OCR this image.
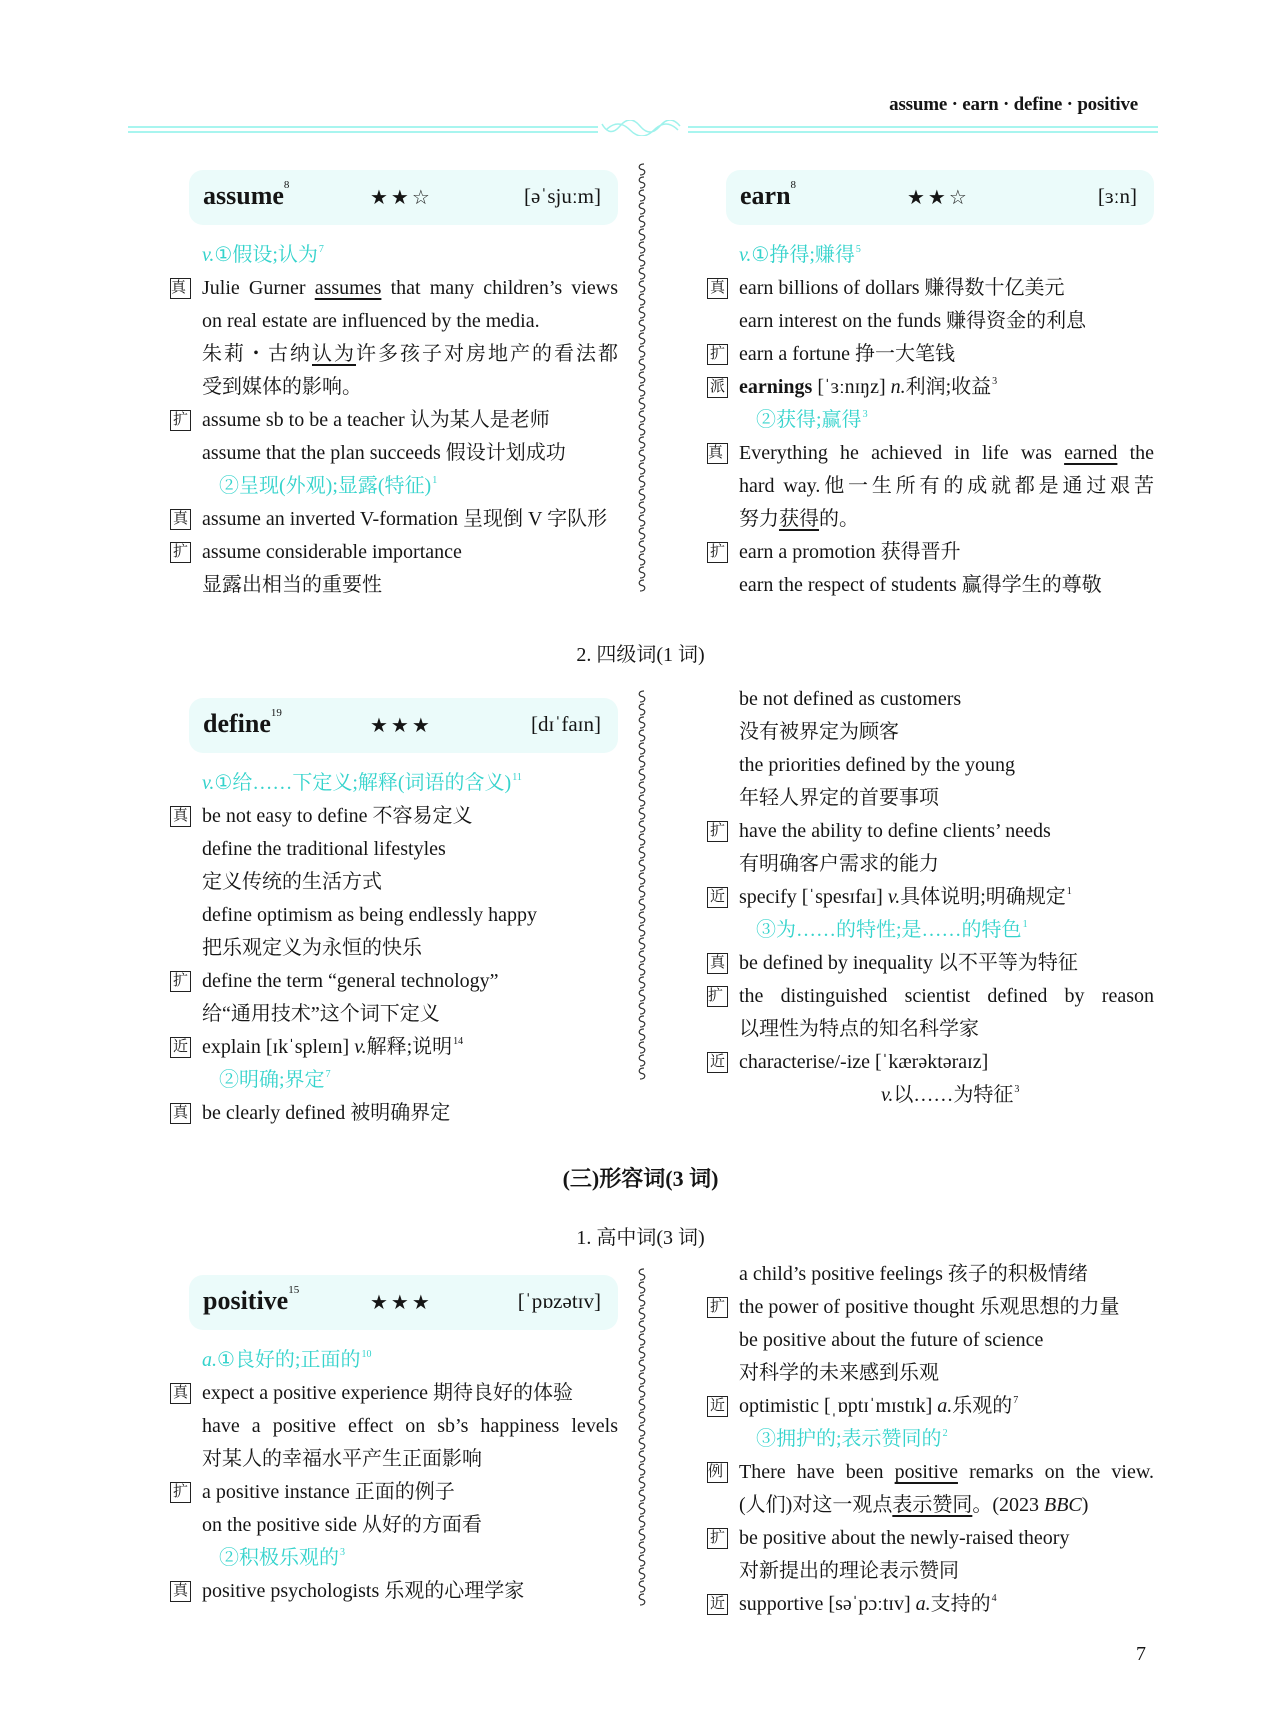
assume · earn · define · positive
assume$^8$
★★☆	[əˈsjuːm]
v.①假设;认为$^7$
真 Julie Gurner assumes that many children’s views
on real estate are influenced by the media.
朱莉・古纳认为许多孩子对房地产的看法都
受到媒体的影响。
扩 assume sb to be a teacher 认为某人是老师
assume that the plan succeeds 假设计划成功
②呈现(外观);显露(特征)$^1$
真 assume an inverted V-formation 呈现倒 V 字队形
扩 assume considerable importance
显露出相当的重要性
earn$^8$
★★☆	[ɜːn]
v.①挣得;赚得$^5$
真 earn billions of dollars 赚得数十亿美元
earn interest on the funds 赚得资金的利息
扩 earn a fortune 挣一大笔钱
派 earnings [ˈɜːnɪŋz] n.利润;收益$^3$
②获得;赢得$^3$
真 Everything he achieved in life was earned the
hard way.他一生所有的成就都是通过艰苦
努力获得的。
扩 earn a promotion 获得晋升
earn the respect of students 赢得学生的尊敬
2. 四级词(1 词)
define$^{19}$
★★★	[dɪˈfaɪn]
v.①给……下定义;解释(词语的含义)$^{11}$
真 be not easy to define 不容易定义
define the traditional lifestyles
定义传统的生活方式
define optimism as being endlessly happy
把乐观定义为永恒的快乐
扩 define the term “general technology”
给“通用技术”这个词下定义
近 explain [ɪkˈspleɪn] v.解释;说明$^{14}$
②明确;界定$^7$
真 be clearly defined 被明确界定
be not defined as customers
没有被界定为顾客
the priorities defined by the young
年轻人界定的首要事项
扩 have the ability to define clients’ needs
有明确客户需求的能力
近 specify [ˈspesɪfaɪ] v.具体说明;明确规定$^1$
③为……的特性;是……的特色$^1$
真 be defined by inequality 以不平等为特征
扩 the distinguished scientist defined by reason
以理性为特点的知名科学家
近 characterise/-ize [ˈkærəktəraɪz]
v.以……为特征$^3$
(三)形容词(3 词)
1. 高中词(3 词)
positive$^{15}$
★★★	[ˈpɒzətɪv]
a.①良好的;正面的$^{10}$
真 expect a positive experience 期待良好的体验
have a positive effect on sb’s happiness levels
对某人的幸福水平产生正面影响
扩 a positive instance 正面的例子
on the positive side 从好的方面看
②积极乐观的$^3$
真 positive psychologists 乐观的心理学家
a child’s positive feelings 孩子的积极情绪
扩 the power of positive thought 乐观思想的力量
be positive about the future of science
对科学的未来感到乐观
近 optimistic [ˌɒptɪˈmɪstɪk] a.乐观的$^7$
③拥护的;表示赞同的$^2$
例 There have been positive remarks on the view.
(人们)对这一观点表示赞同。(2023 BBC)
扩 be positive about the newly-raised theory
对新提出的理论表示赞同
近 supportive [səˈpɔːtɪv] a.支持的$^4$
7
